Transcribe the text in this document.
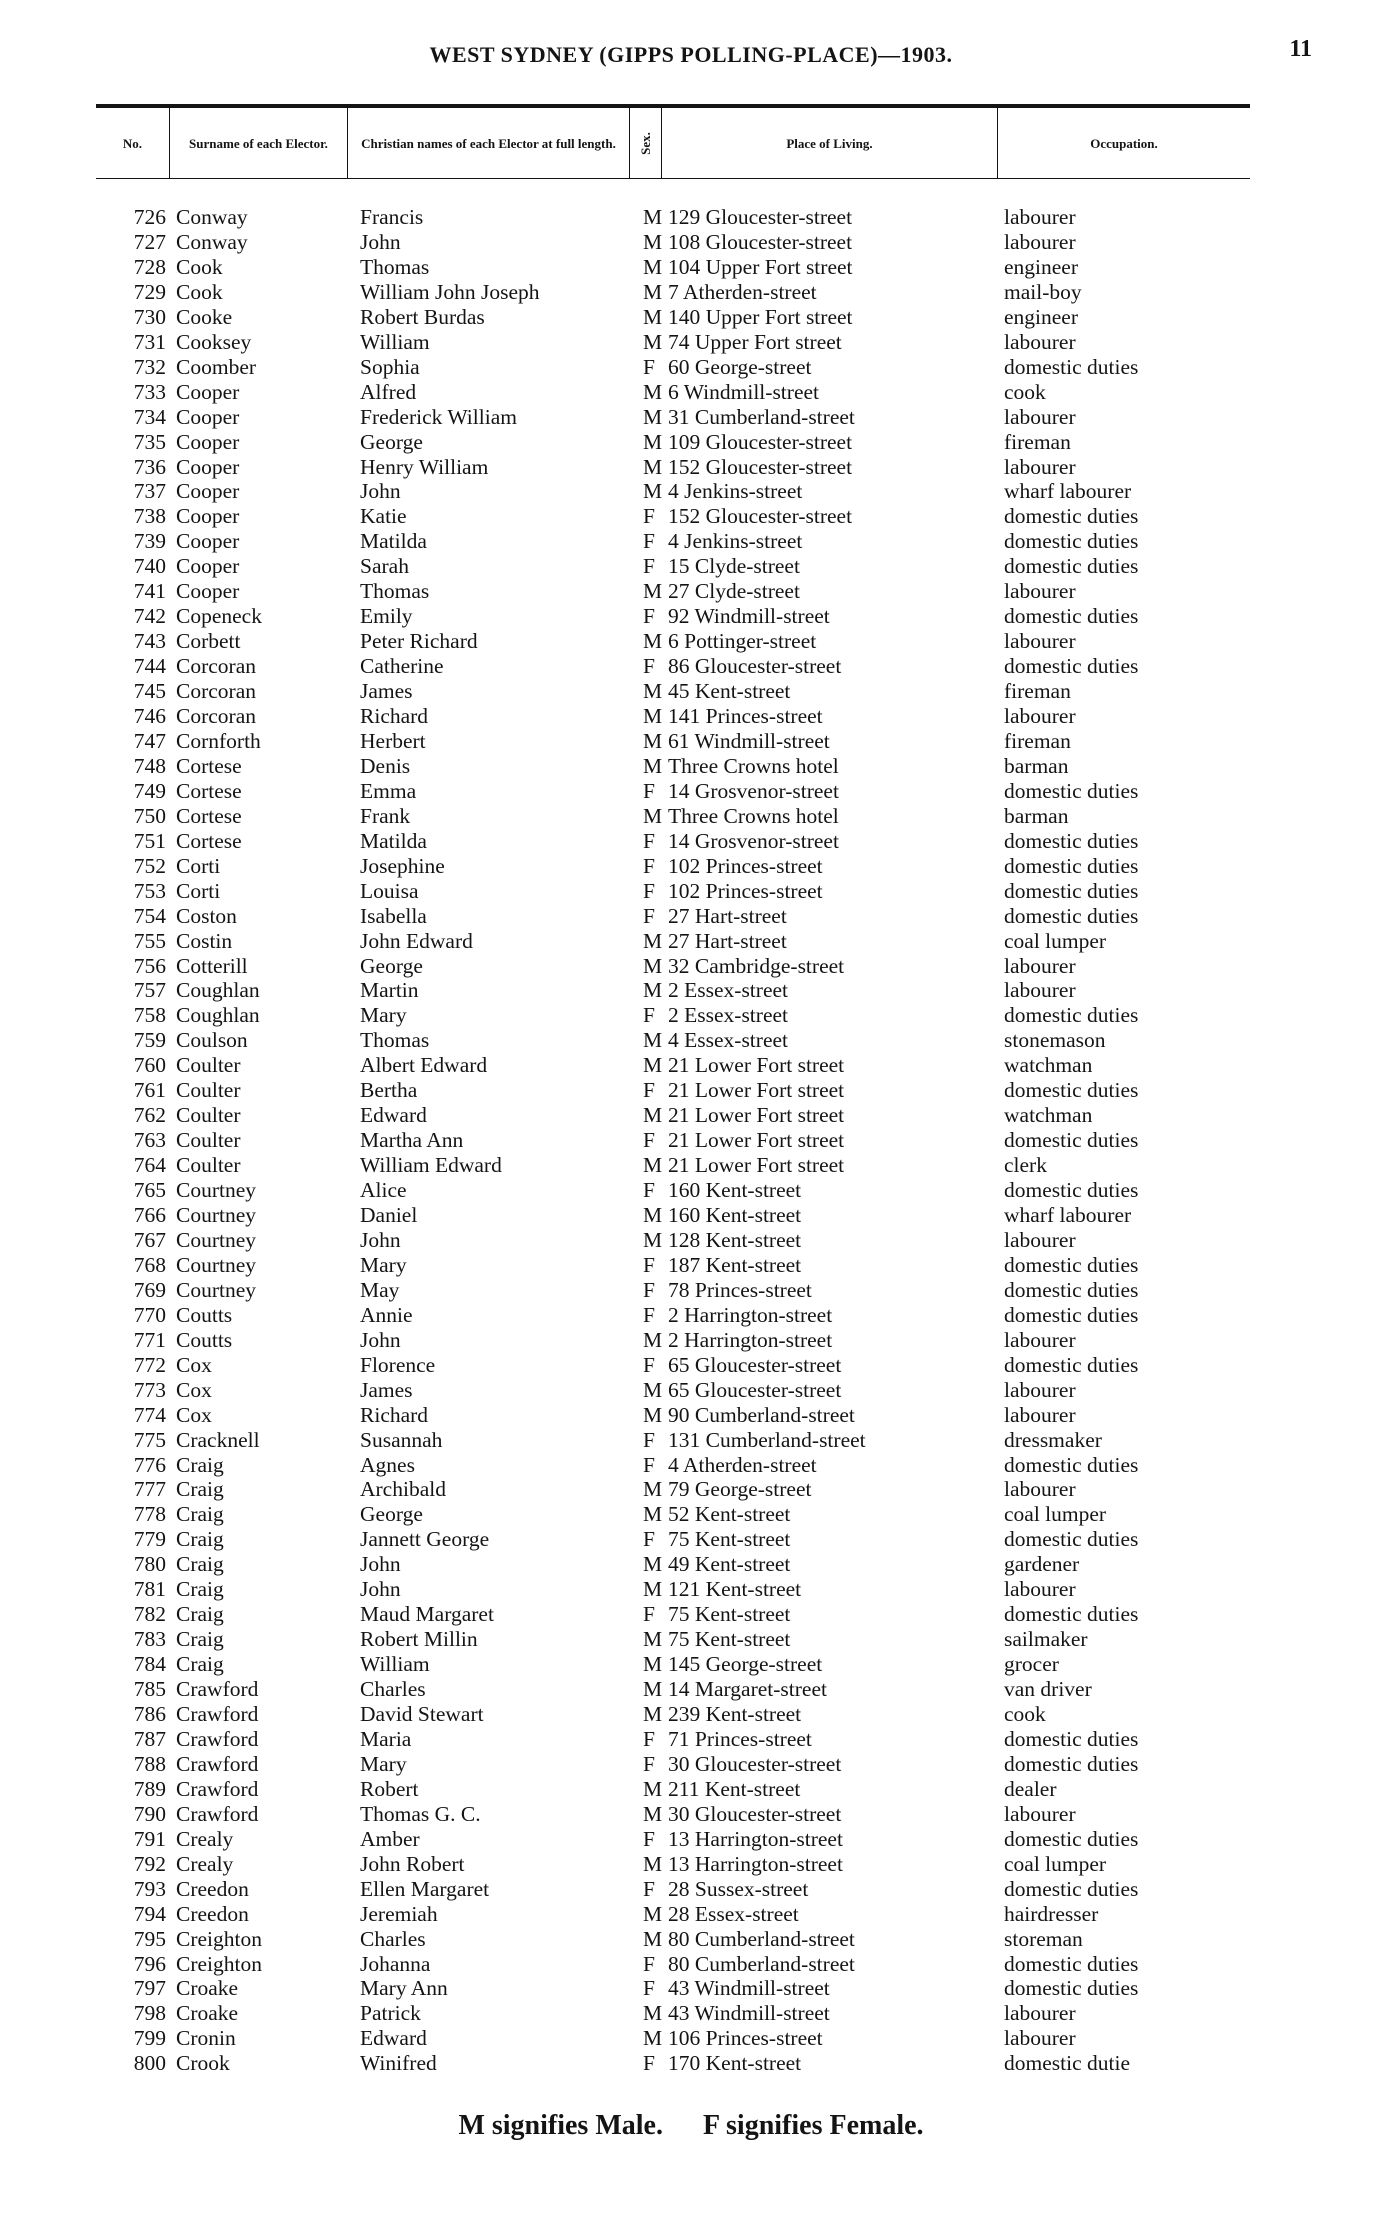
WEST SYDNEY (GIPPS POLLING-PLACE)—1903.	11
No.	Surname of each Elector.	Christian names of each Elector at full length.	Sex.	Place of Living.	Occupation.
726 Conway	Francis	M 129 Gloucester-street	labourer
727 Conway	John	M 108 Gloucester-street	labourer
728 Cook	Thomas	M 104 Upper Fort street	engineer
729 Cook	William John Joseph	M 7 Atherden-street	mail-boy
730 Cooke	Robert Burdas	M 140 Upper Fort street	engineer
731 Cooksey	William	M 74 Upper Fort street	labourer
732 Coomber	Sophia	F 60 George-street	domestic duties
733 Cooper	Alfred	M 6 Windmill-street	cook
734 Cooper	Frederick William	M 31 Cumberland-street	labourer
735 Cooper	George	M 109 Gloucester-street	fireman
736 Cooper	Henry William	M 152 Gloucester-street	labourer
737 Cooper	John	M 4 Jenkins-street	wharf labourer
738 Cooper	Katie	F 152 Gloucester-street	domestic duties
739 Cooper	Matilda	F 4 Jenkins-street	domestic duties
740 Cooper	Sarah	F 15 Clyde-street	domestic duties
741 Cooper	Thomas	M 27 Clyde-street	labourer
742 Copeneck	Emily	F 92 Windmill-street	domestic duties
743 Corbett	Peter Richard	M 6 Pottinger-street	labourer
744 Corcoran	Catherine	F 86 Gloucester-street	domestic duties
745 Corcoran	James	M 45 Kent-street	fireman
746 Corcoran	Richard	M 141 Princes-street	labourer
747 Cornforth	Herbert	M 61 Windmill-street	fireman
748 Cortese	Denis	M Three Crowns hotel	barman
749 Cortese	Emma	F 14 Grosvenor-street	domestic duties
750 Cortese	Frank	M Three Crowns hotel	barman
751 Cortese	Matilda	F 14 Grosvenor-street	domestic duties
752 Corti	Josephine	F 102 Princes-street	domestic duties
753 Corti	Louisa	F 102 Princes-street	domestic duties
754 Coston	Isabella	F 27 Hart-street	domestic duties
755 Costin	John Edward	M 27 Hart-street	coal lumper
756 Cotterill	George	M 32 Cambridge-street	labourer
757 Coughlan	Martin	M 2 Essex-street	labourer
758 Coughlan	Mary	F 2 Essex-street	domestic duties
759 Coulson	Thomas	M 4 Essex-street	stonemason
760 Coulter	Albert Edward	M 21 Lower Fort street	watchman
761 Coulter	Bertha	F 21 Lower Fort street	domestic duties
762 Coulter	Edward	M 21 Lower Fort street	watchman
763 Coulter	Martha Ann	F 21 Lower Fort street	domestic duties
764 Coulter	William Edward	M 21 Lower Fort street	clerk
765 Courtney	Alice	F 160 Kent-street	domestic duties
766 Courtney	Daniel	M 160 Kent-street	wharf labourer
767 Courtney	John	M 128 Kent-street	labourer
768 Courtney	Mary	F 187 Kent-street	domestic duties
769 Courtney	May	F 78 Princes-street	domestic duties
770 Coutts	Annie	F 2 Harrington-street	domestic duties
771 Coutts	John	M 2 Harrington-street	labourer
772 Cox	Florence	F 65 Gloucester-street	domestic duties
773 Cox	James	M 65 Gloucester-street	labourer
774 Cox	Richard	M 90 Cumberland-street	labourer
775 Cracknell	Susannah	F 131 Cumberland-street	dressmaker
776 Craig	Agnes	F 4 Atherden-street	domestic duties
777 Craig	Archibald	M 79 George-street	labourer
778 Craig	George	M 52 Kent-street	coal lumper
779 Craig	Jannett George	F 75 Kent-street	domestic duties
780 Craig	John	M 49 Kent-street	gardener
781 Craig	John	M 121 Kent-street	labourer
782 Craig	Maud Margaret	F 75 Kent-street	domestic duties
783 Craig	Robert Millin	M 75 Kent-street	sailmaker
784 Craig	William	M 145 George-street	grocer
785 Crawford	Charles	M 14 Margaret-street	van driver
786 Crawford	David Stewart	M 239 Kent-street	cook
787 Crawford	Maria	F 71 Princes-street	domestic duties
788 Crawford	Mary	F 30 Gloucester-street	domestic duties
789 Crawford	Robert	M 211 Kent-street	dealer
790 Crawford	Thomas G. C.	M 30 Gloucester-street	labourer
791 Crealy	Amber	F 13 Harrington-street	domestic duties
792 Crealy	John Robert	M 13 Harrington-street	coal lumper
793 Creedon	Ellen Margaret	F 28 Sussex-street	domestic duties
794 Creedon	Jeremiah	M 28 Essex-street	hairdresser
795 Creighton	Charles	M 80 Cumberland-street	storeman
796 Creighton	Johanna	F 80 Cumberland-street	domestic duties
797 Croake	Mary Ann	F 43 Windmill-street	domestic duties
798 Croake	Patrick	M 43 Windmill-street	labourer
799 Cronin	Edward	M 106 Princes-street	labourer
800 Crook	Winifred	F 170 Kent-street	domestic dutie
M signifies Male. F signifies Female.
